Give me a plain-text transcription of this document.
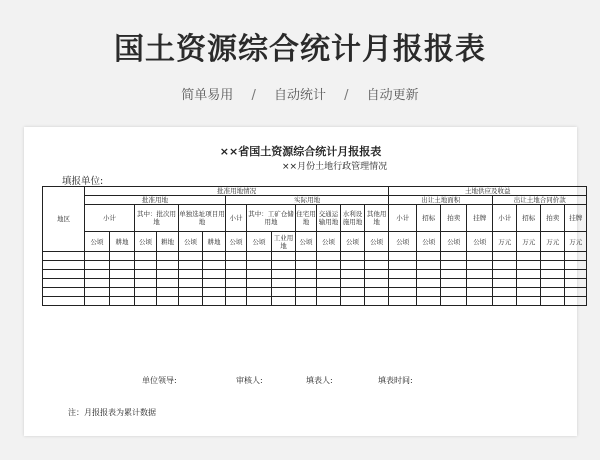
国土资源综合统计月报报表
简单易用 / 自动统计 / 自动更新
××省国土资源综合统计月报报表
××月份土地行政管理情况
填报单位:
地区	批准用地情况													土地供应及收益							
	批准用地						实际用地							出让土地面积				出让土地合同价款			
	小计		其中：批次用地		单独选址项目用地		小计	其中：工矿仓储用地		住宅用地	交通运输用地	水利设施用地	其他用地	小计	招标	拍卖	挂牌	小计	招标	拍卖	挂牌
	公顷	耕地	公顷	耕地	公顷	耕地	公顷	公顷	工业用地	公顷	公顷	公顷	公顷	公顷	公顷	公顷	公顷	万元	万元	万元	万元

单位领导:	审核人:	填表人:	填表时间:
注：月报报表为累计数据
